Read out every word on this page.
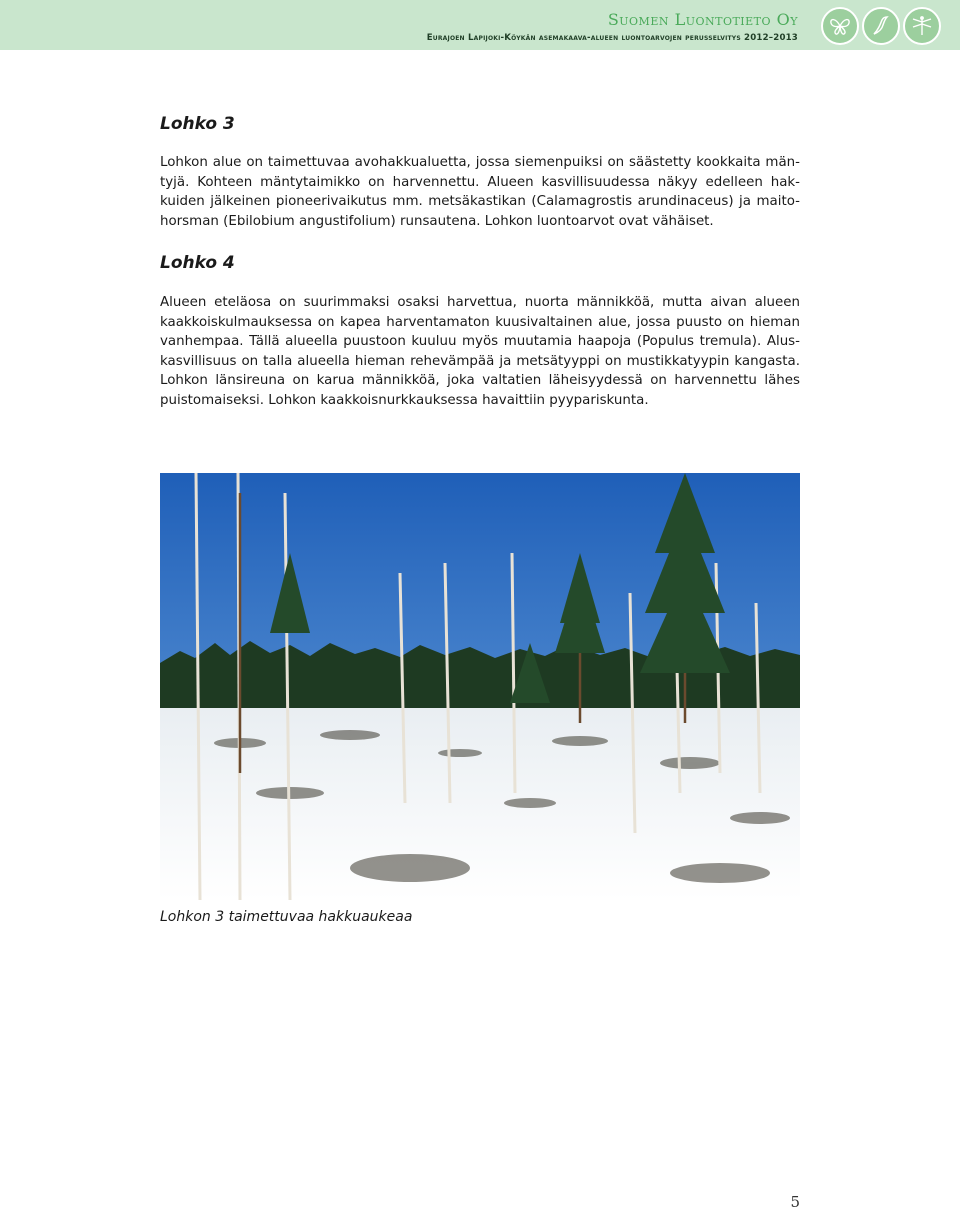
Suomen Luontotieto Oy
Eurajoen Lapijoki-Köykän asemakaava-alueen luontoarvojen perusselvitys 2012–2013
Lohko 3

Lohkon alue on taimettuvaa avohakkualuetta, jossa siemenpuiksi on säästetty kookkaita män-
tyjä. Kohteen mäntytaimikko on harvennettu. Alueen kasvillisuudessa näkyy edelleen hak-
kuiden jälkeinen pioneerivaikutus mm. metsäkastikan (Calamagrostis arundinaceus) ja maito-
horsman (Ebilobium angustifolium) runsautena. Lohkon luontoarvot ovat vähäiset.

Lohko 4

Alueen eteläosa on suurimmaksi osaksi harvettua, nuorta männikköä, mutta aivan alueen
kaakkoiskulmauksessa on kapea harventamaton kuusivaltainen alue, jossa puusto on hieman
vanhempaa. Tällä alueella puustoon kuuluu myös muutamia haapoja (Populus tremula). Alus-
kasvillisuus on talla alueella hieman rehevämpää ja metsätyyppi on mustikkatyypin kangasta.
Lohkon länsireuna on karua männikköä, joka valtatien läheisyydessä on harvennettu lähes
puistomaiseksi. Lohkon kaakkoisnurkkauksessa havaittiin pyypariskunta.

Lohkon 3 taimettuvaa hakkuaukeaa
5
